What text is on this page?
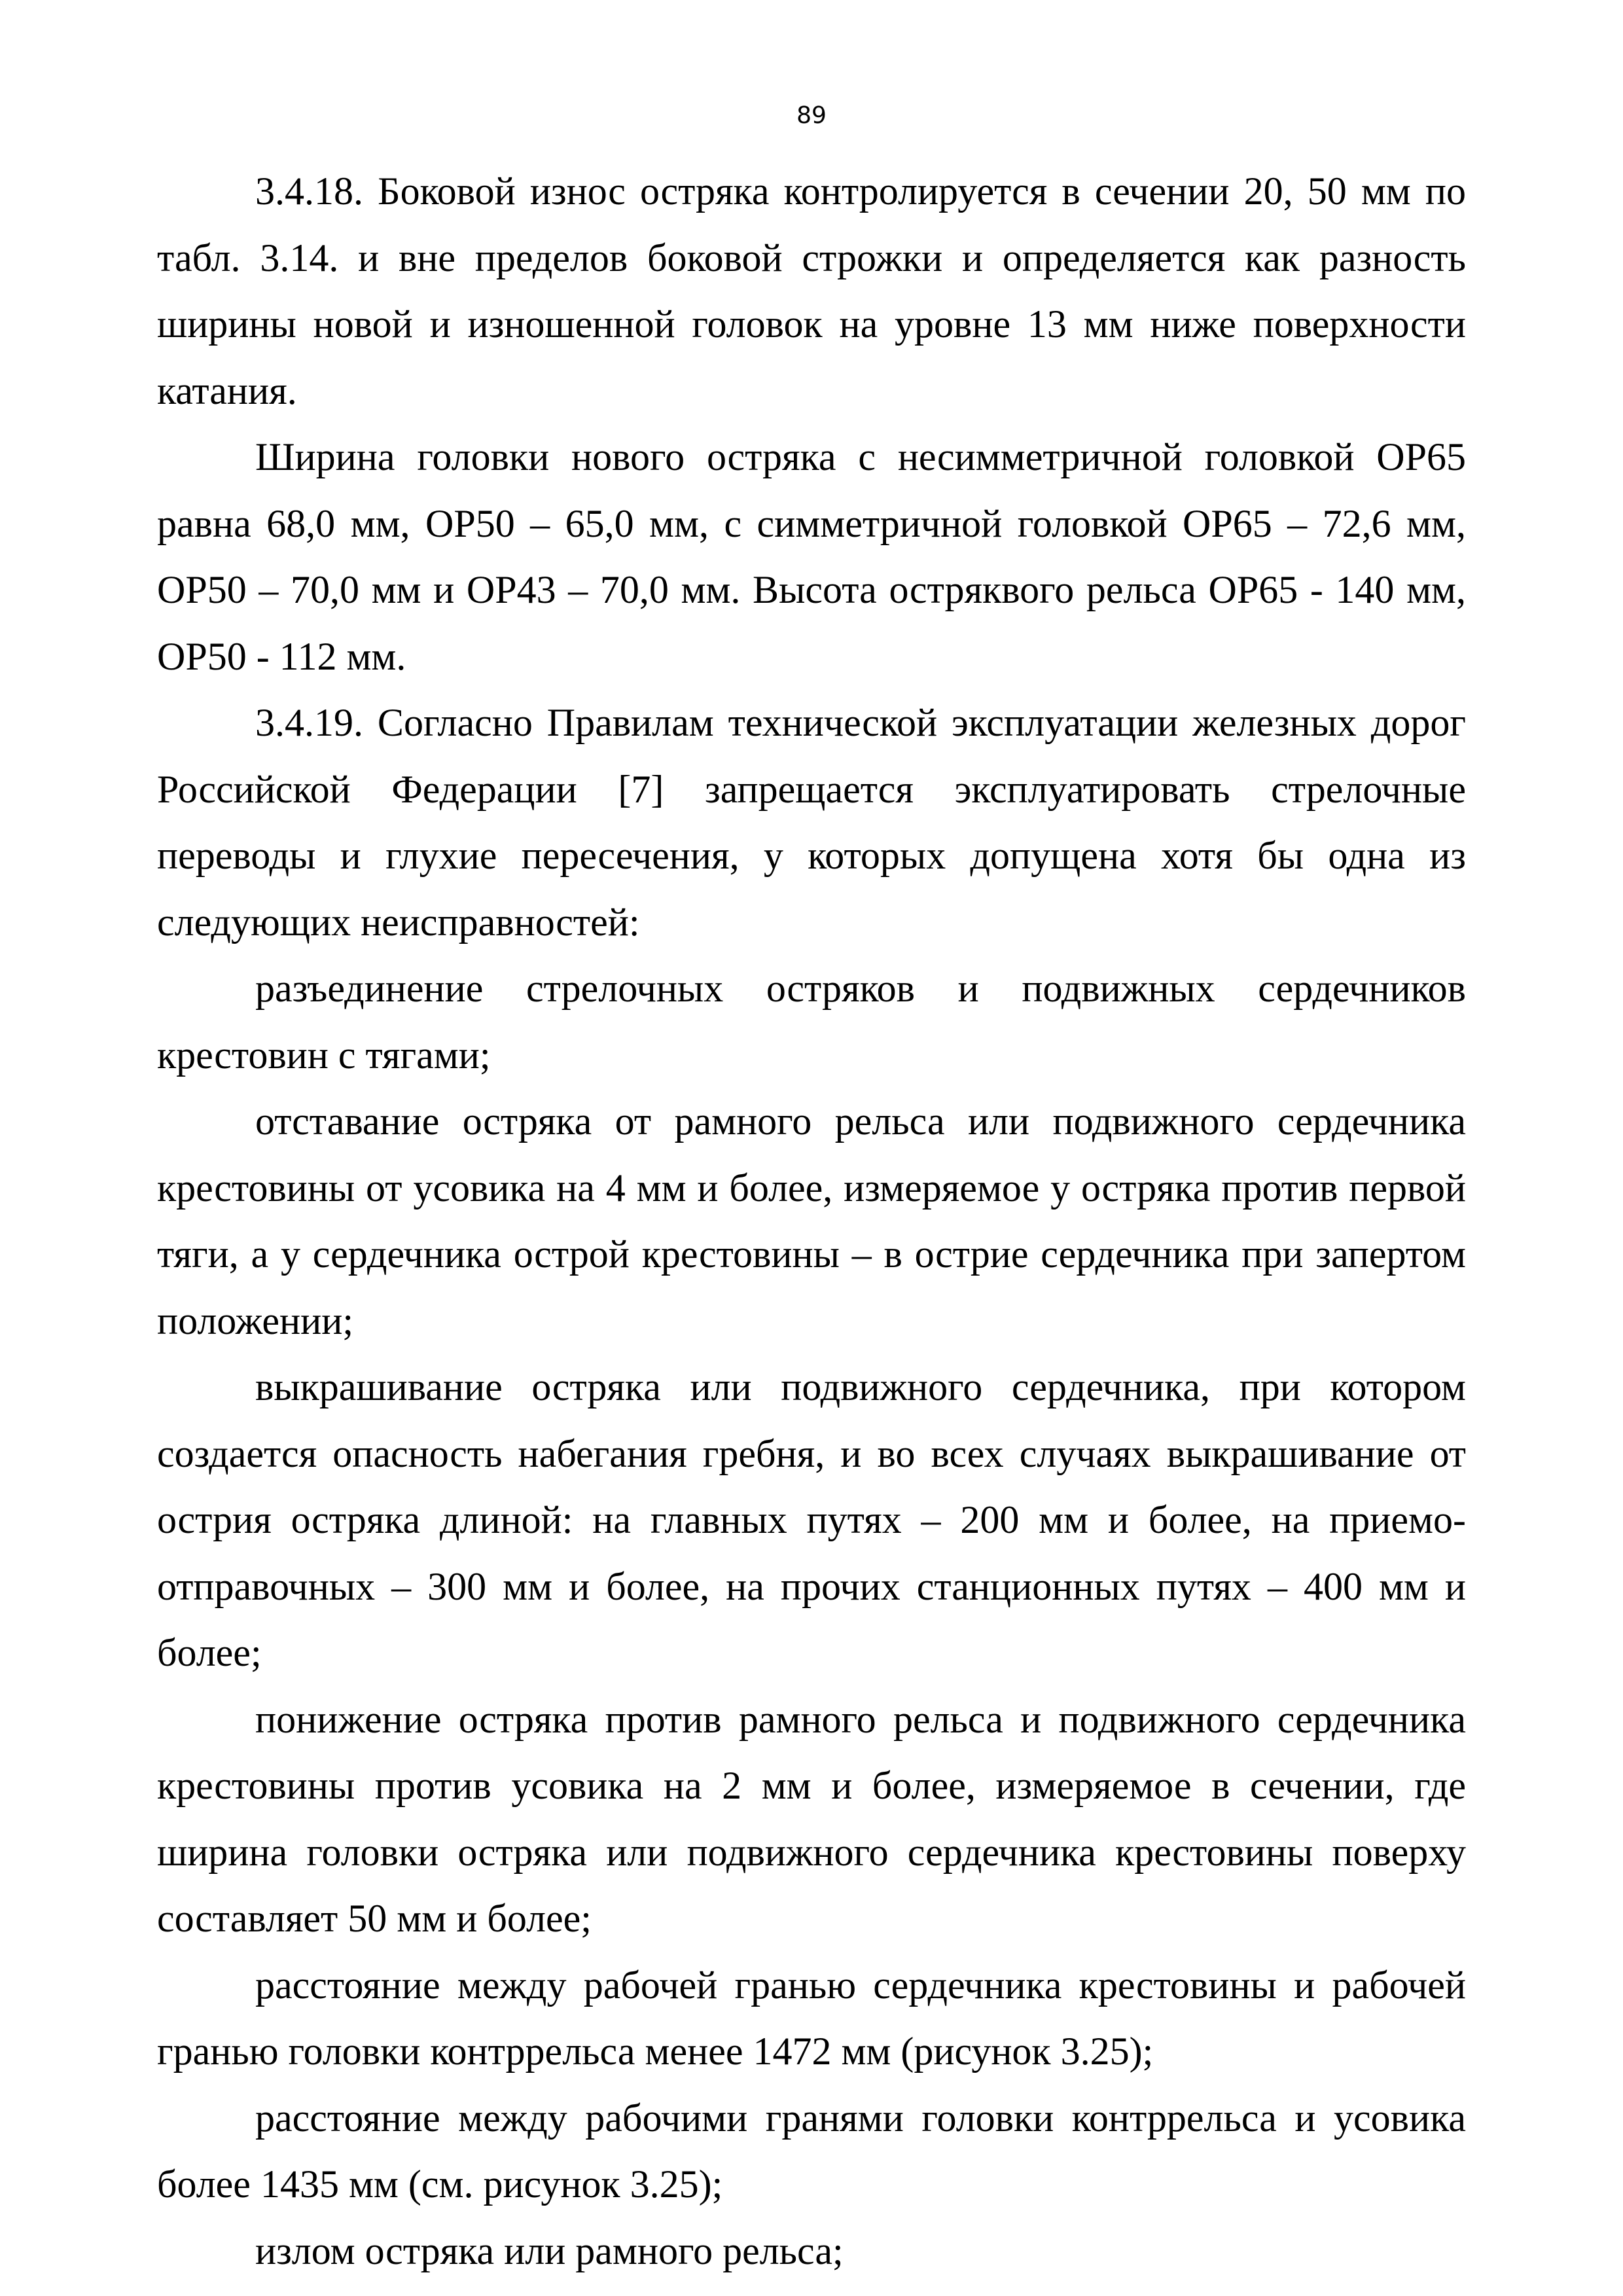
89

3.4.18. Боковой износ остряка контролируется в сечении 20, 50 мм по табл. 3.14. и вне пределов боковой строжки и определяется как разность ширины новой и изношенной головок на уровне 13 мм ниже поверхности катания.

Ширина головки нового остряка с несимметричной головкой ОР65 равна 68,0 мм, ОР50 – 65,0 мм, с симметричной головкой ОР65 – 72,6 мм, ОР50 – 70,0 мм и ОР43 – 70,0 мм. Высота остряквого рельса ОР65 - 140 мм, ОР50 - 112 мм.

3.4.19. Согласно Правилам технической эксплуатации железных дорог Российской Федерации [7] запрещается эксплуатировать стрелочные переводы и глухие пересечения, у которых допущена хотя бы одна из следующих неисправностей:

разъединение стрелочных остряков и подвижных сердечников крестовин с тягами;

отставание остряка от рамного рельса или подвижного сердечника крестовины от усовика на 4 мм и более, измеряемое у остряка против первой тяги, а у сердечника острой крестовины – в острие сердечника при запертом положении;

выкрашивание остряка или подвижного сердечника, при котором создается опасность набегания гребня, и во всех случаях выкрашивание от острия остряка длиной: на главных путях – 200 мм и более, на приемо-отправочных – 300 мм и более, на прочих станционных путях – 400 мм и более;

понижение остряка против рамного рельса и подвижного сердечника крестовины против усовика на 2 мм и более, измеряемое в сечении, где ширина головки остряка или подвижного сердечника крестовины поверху составляет 50 мм и более;

расстояние между рабочей гранью сердечника крестовины и рабочей гранью головки контррельса менее 1472 мм (рисунок 3.25);

расстояние между рабочими гранями головки контррельса и усовика более 1435 мм (см. рисунок 3.25);

излом остряка или рамного рельса;
